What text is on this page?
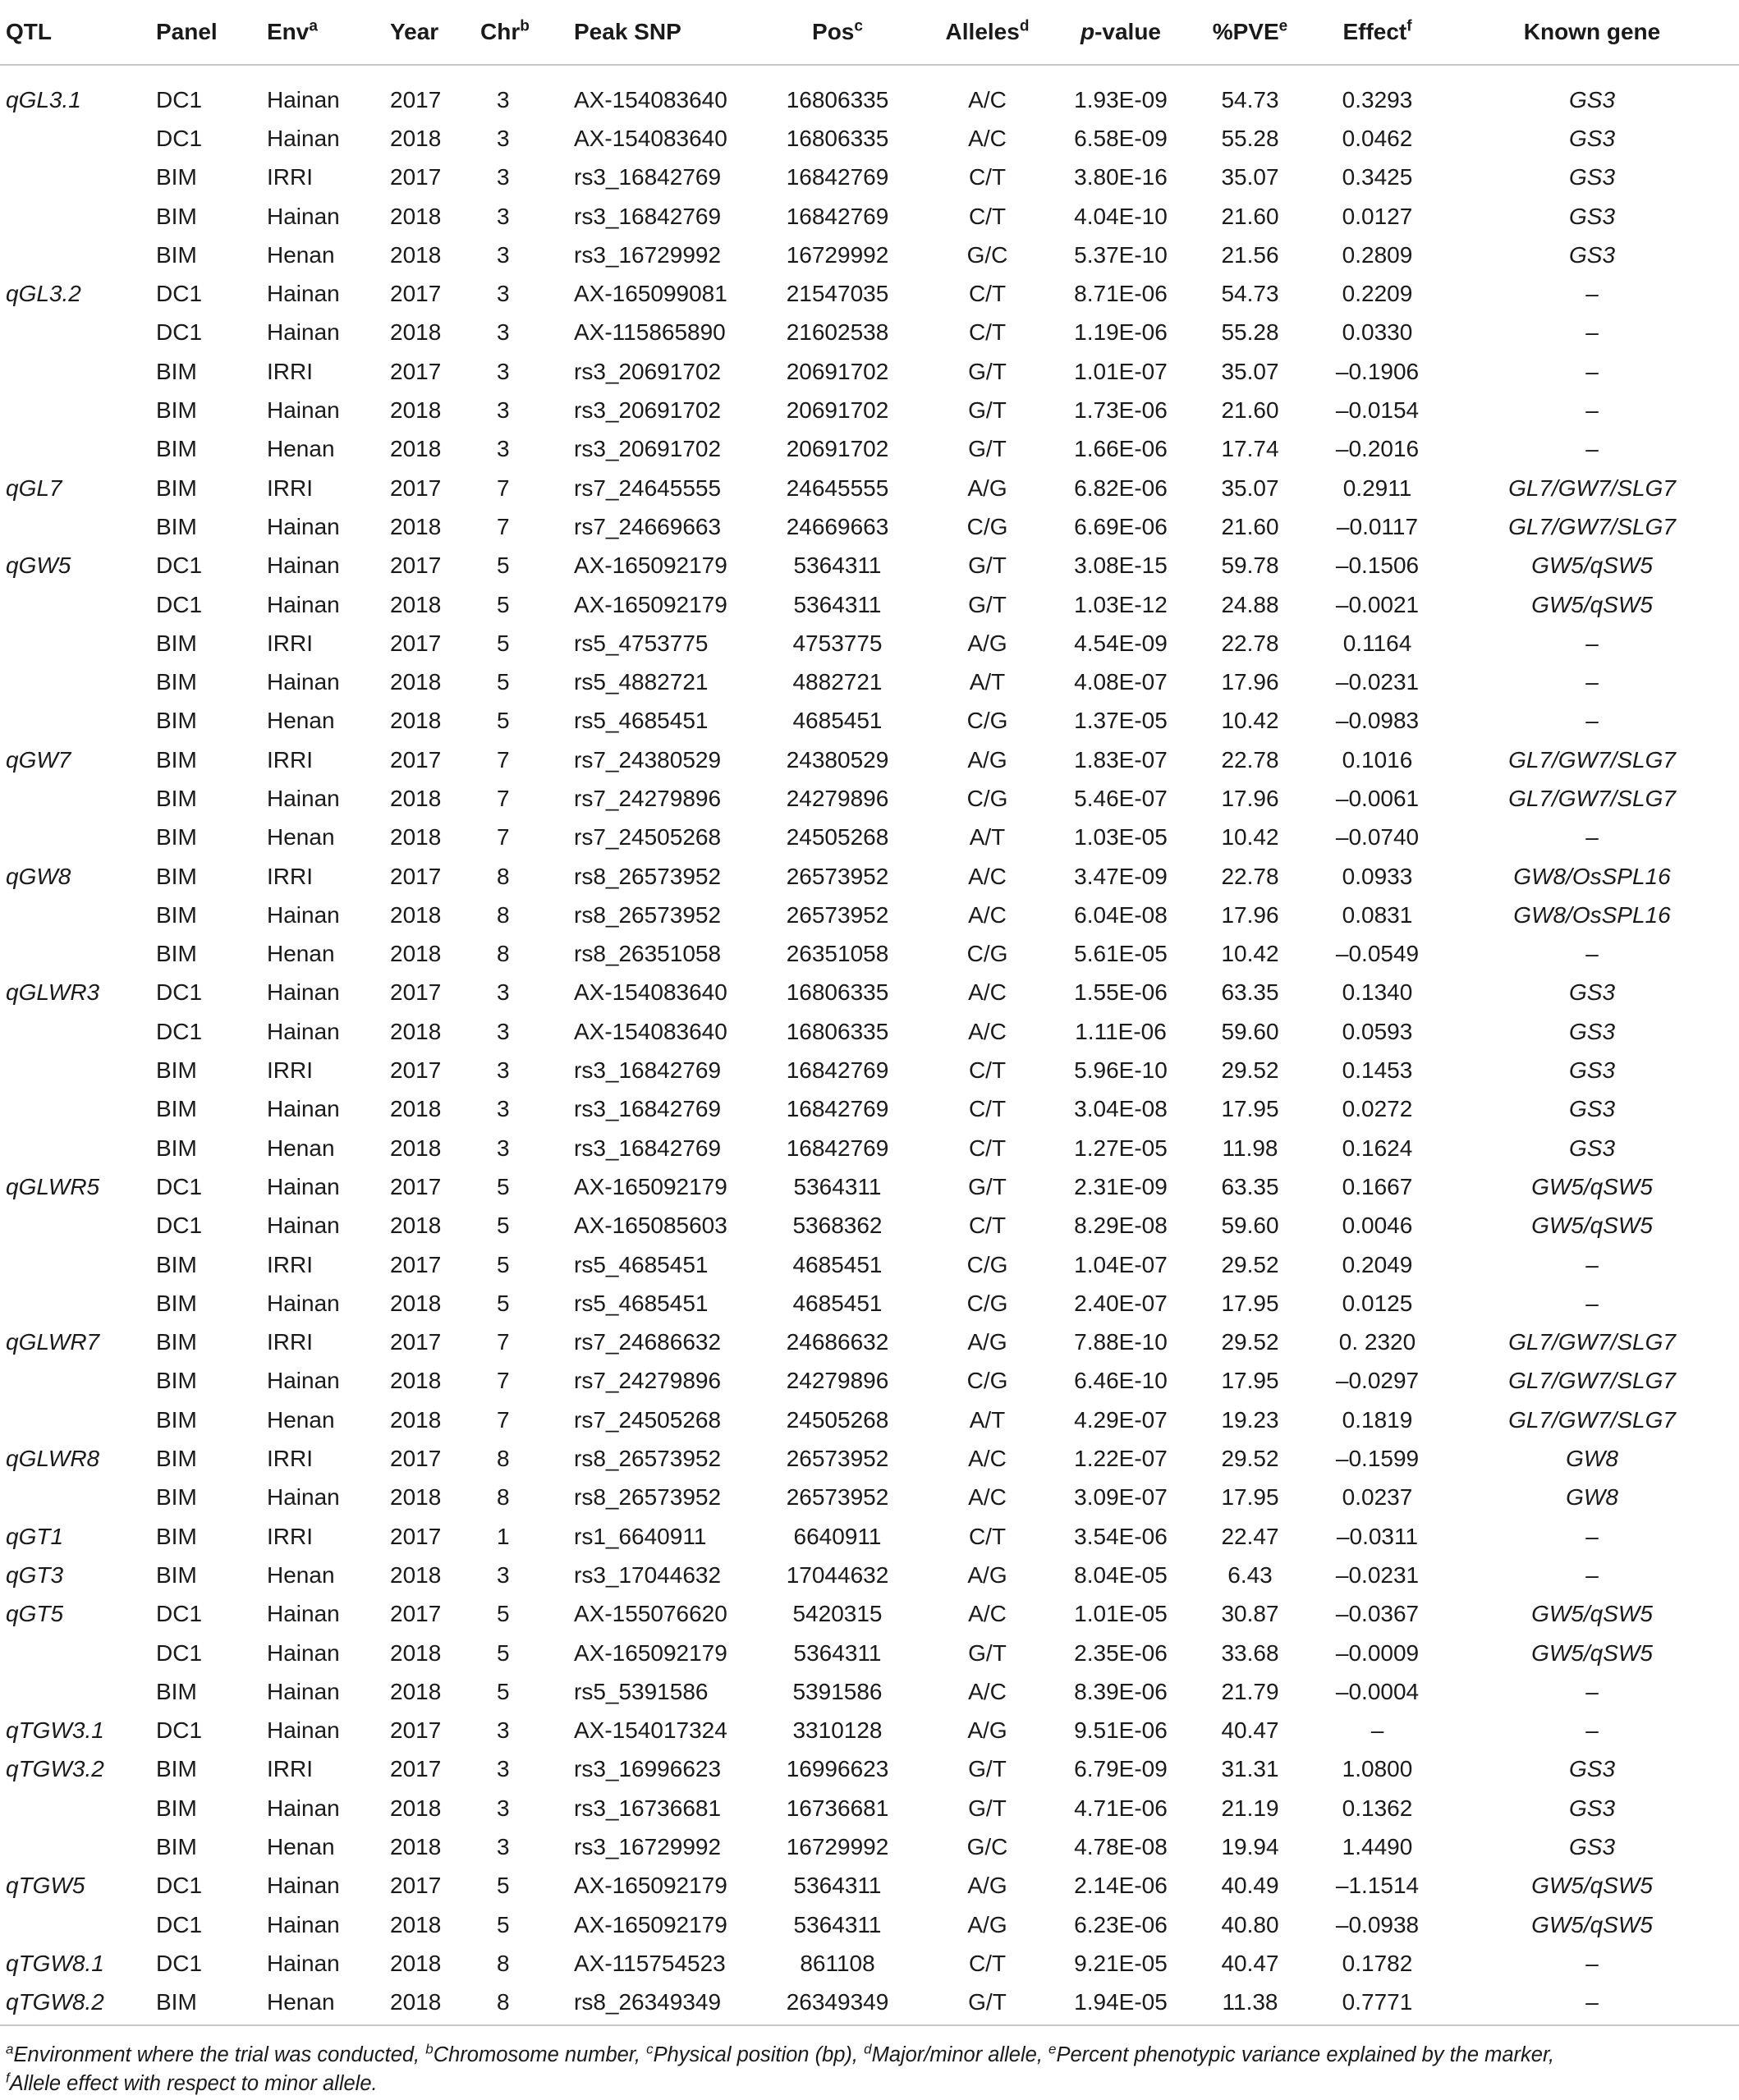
QTL	Panel	Env$^a$	Year	Chr$^b$	Peak SNP	Pos$^c$	Alleles$^d$	p-value	%PVE$^e$	Effect$^f$	Known gene
qGL3.1	DC1	Hainan	2017	3	AX-154083640	16806335	A/C	1.93E-09	54.73	0.3293	GS3
	DC1	Hainan	2018	3	AX-154083640	16806335	A/C	6.58E-09	55.28	0.0462	GS3
	BIM	IRRI	2017	3	rs3_16842769	16842769	C/T	3.80E-16	35.07	0.3425	GS3
	BIM	Hainan	2018	3	rs3_16842769	16842769	C/T	4.04E-10	21.60	0.0127	GS3
	BIM	Henan	2018	3	rs3_16729992	16729992	G/C	5.37E-10	21.56	0.2809	GS3
qGL3.2	DC1	Hainan	2017	3	AX-165099081	21547035	C/T	8.71E-06	54.73	0.2209	–
	DC1	Hainan	2018	3	AX-115865890	21602538	C/T	1.19E-06	55.28	0.0330	–
	BIM	IRRI	2017	3	rs3_20691702	20691702	G/T	1.01E-07	35.07	–0.1906	–
	BIM	Hainan	2018	3	rs3_20691702	20691702	G/T	1.73E-06	21.60	–0.0154	–
	BIM	Henan	2018	3	rs3_20691702	20691702	G/T	1.66E-06	17.74	–0.2016	–
qGL7	BIM	IRRI	2017	7	rs7_24645555	24645555	A/G	6.82E-06	35.07	0.2911	GL7/GW7/SLG7
	BIM	Hainan	2018	7	rs7_24669663	24669663	C/G	6.69E-06	21.60	–0.0117	GL7/GW7/SLG7
qGW5	DC1	Hainan	2017	5	AX-165092179	5364311	G/T	3.08E-15	59.78	–0.1506	GW5/qSW5
	DC1	Hainan	2018	5	AX-165092179	5364311	G/T	1.03E-12	24.88	–0.0021	GW5/qSW5
	BIM	IRRI	2017	5	rs5_4753775	4753775	A/G	4.54E-09	22.78	0.1164	–
	BIM	Hainan	2018	5	rs5_4882721	4882721	A/T	4.08E-07	17.96	–0.0231	–
	BIM	Henan	2018	5	rs5_4685451	4685451	C/G	1.37E-05	10.42	–0.0983	–
qGW7	BIM	IRRI	2017	7	rs7_24380529	24380529	A/G	1.83E-07	22.78	0.1016	GL7/GW7/SLG7
	BIM	Hainan	2018	7	rs7_24279896	24279896	C/G	5.46E-07	17.96	–0.0061	GL7/GW7/SLG7
	BIM	Henan	2018	7	rs7_24505268	24505268	A/T	1.03E-05	10.42	–0.0740	–
qGW8	BIM	IRRI	2017	8	rs8_26573952	26573952	A/C	3.47E-09	22.78	0.0933	GW8/OsSPL16
	BIM	Hainan	2018	8	rs8_26573952	26573952	A/C	6.04E-08	17.96	0.0831	GW8/OsSPL16
	BIM	Henan	2018	8	rs8_26351058	26351058	C/G	5.61E-05	10.42	–0.0549	–
qGLWR3	DC1	Hainan	2017	3	AX-154083640	16806335	A/C	1.55E-06	63.35	0.1340	GS3
	DC1	Hainan	2018	3	AX-154083640	16806335	A/C	1.11E-06	59.60	0.0593	GS3
	BIM	IRRI	2017	3	rs3_16842769	16842769	C/T	5.96E-10	29.52	0.1453	GS3
	BIM	Hainan	2018	3	rs3_16842769	16842769	C/T	3.04E-08	17.95	0.0272	GS3
	BIM	Henan	2018	3	rs3_16842769	16842769	C/T	1.27E-05	11.98	0.1624	GS3
qGLWR5	DC1	Hainan	2017	5	AX-165092179	5364311	G/T	2.31E-09	63.35	0.1667	GW5/qSW5
	DC1	Hainan	2018	5	AX-165085603	5368362	C/T	8.29E-08	59.60	0.0046	GW5/qSW5
	BIM	IRRI	2017	5	rs5_4685451	4685451	C/G	1.04E-07	29.52	0.2049	–
	BIM	Hainan	2018	5	rs5_4685451	4685451	C/G	2.40E-07	17.95	0.0125	–
qGLWR7	BIM	IRRI	2017	7	rs7_24686632	24686632	A/G	7.88E-10	29.52	0. 2320	GL7/GW7/SLG7
	BIM	Hainan	2018	7	rs7_24279896	24279896	C/G	6.46E-10	17.95	–0.0297	GL7/GW7/SLG7
	BIM	Henan	2018	7	rs7_24505268	24505268	A/T	4.29E-07	19.23	0.1819	GL7/GW7/SLG7
qGLWR8	BIM	IRRI	2017	8	rs8_26573952	26573952	A/C	1.22E-07	29.52	–0.1599	GW8
	BIM	Hainan	2018	8	rs8_26573952	26573952	A/C	3.09E-07	17.95	0.0237	GW8
qGT1	BIM	IRRI	2017	1	rs1_6640911	6640911	C/T	3.54E-06	22.47	–0.0311	–
qGT3	BIM	Henan	2018	3	rs3_17044632	17044632	A/G	8.04E-05	6.43	–0.0231	–
qGT5	DC1	Hainan	2017	5	AX-155076620	5420315	A/C	1.01E-05	30.87	–0.0367	GW5/qSW5
	DC1	Hainan	2018	5	AX-165092179	5364311	G/T	2.35E-06	33.68	–0.0009	GW5/qSW5
	BIM	Hainan	2018	5	rs5_5391586	5391586	A/C	8.39E-06	21.79	–0.0004	–
qTGW3.1	DC1	Hainan	2017	3	AX-154017324	3310128	A/G	9.51E-06	40.47	–	–
qTGW3.2	BIM	IRRI	2017	3	rs3_16996623	16996623	G/T	6.79E-09	31.31	1.0800	GS3
	BIM	Hainan	2018	3	rs3_16736681	16736681	G/T	4.71E-06	21.19	0.1362	GS3
	BIM	Henan	2018	3	rs3_16729992	16729992	G/C	4.78E-08	19.94	1.4490	GS3
qTGW5	DC1	Hainan	2017	5	AX-165092179	5364311	A/G	2.14E-06	40.49	–1.1514	GW5/qSW5
	DC1	Hainan	2018	5	AX-165092179	5364311	A/G	6.23E-06	40.80	–0.0938	GW5/qSW5
qTGW8.1	DC1	Hainan	2018	8	AX-115754523	861108	C/T	9.21E-05	40.47	0.1782	–
qTGW8.2	BIM	Henan	2018	8	rs8_26349349	26349349	G/T	1.94E-05	11.38	0.7771	–
$^a$Environment where the trial was conducted, $^b$Chromosome number, $^c$Physical position (bp), $^d$Major/minor allele, $^e$Percent phenotypic variance explained by the marker,
$^f$Allele effect with respect to minor allele.
